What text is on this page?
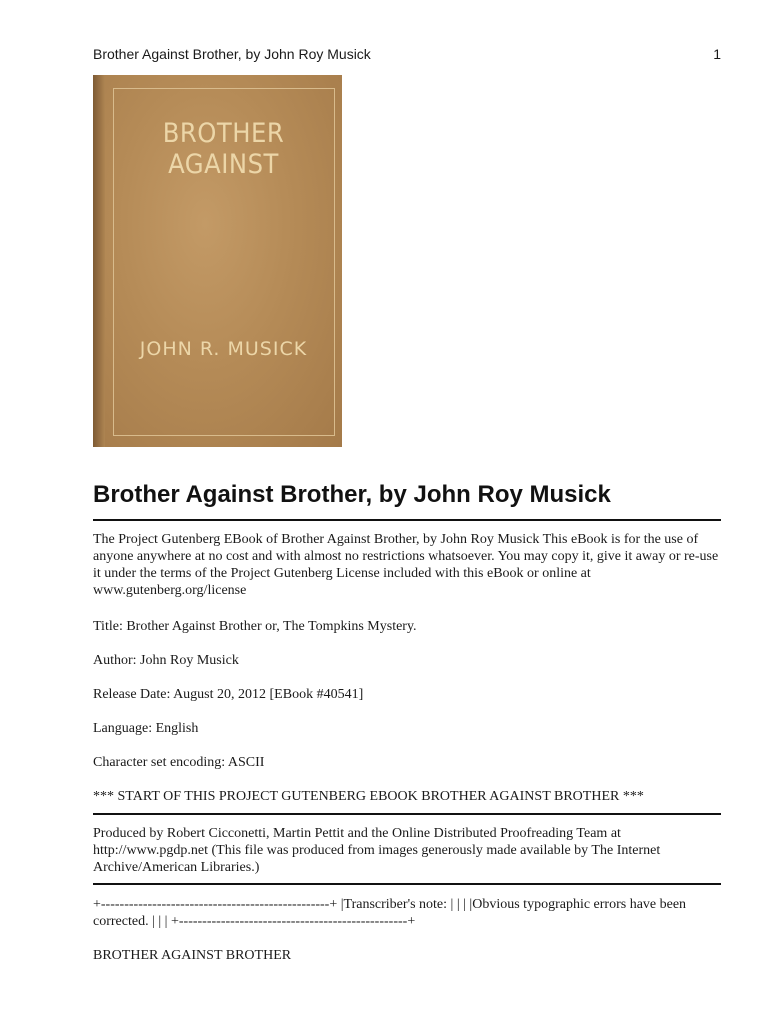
Brother Against Brother, by John Roy Musick	1
BROTHER
AGAINST
JOHN R. MUSICK
Brother Against Brother, by John Roy Musick

The Project Gutenberg EBook of Brother Against Brother, by John Roy Musick This eBook is for the use of anyone anywhere at no cost and with almost no restrictions whatsoever. You may copy it, give it away or re-use it under the terms of the Project Gutenberg License included with this eBook or online at www.gutenberg.org/license

Title: Brother Against Brother or, The Tompkins Mystery.

Author: John Roy Musick

Release Date: August 20, 2012 [EBook #40541]

Language: English

Character set encoding: ASCII

*** START OF THIS PROJECT GUTENBERG EBOOK BROTHER AGAINST BROTHER ***

Produced by Robert Cicconetti, Martin Pettit and the Online Distributed Proofreading Team at http://www.pgdp.net (This file was produced from images generously made available by The Internet Archive/American Libraries.)

+-------------------------------------------------+ |Transcriber's note: | | | |Obvious typographic errors have been corrected. | | | +-------------------------------------------------+

BROTHER AGAINST BROTHER
